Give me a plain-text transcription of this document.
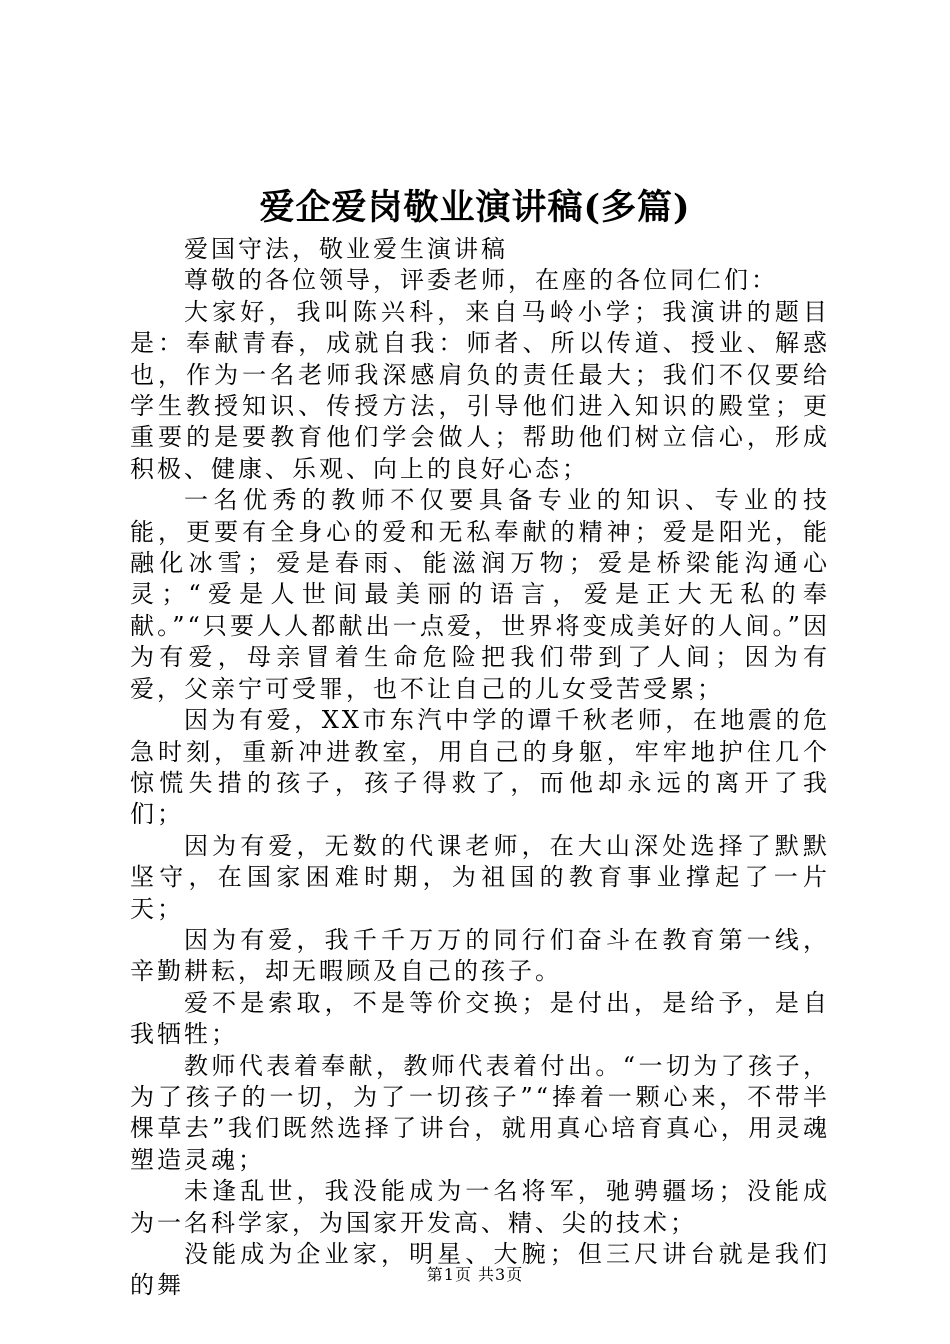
爱企爱岗敬业演讲稿(多篇)

爱国守法，敬业爱生演讲稿

尊敬的各位领导，评委老师，在座的各位同仁们：

大家好，我叫陈兴科，来自马岭小学；我演讲的题目是：奉献青春，成就自我：师者、所以传道、授业、解惑也，作为一名老师我深感肩负的责任最大；我们不仅要给学生教授知识、传授方法，引导他们进入知识的殿堂；更重要的是要教育他们学会做人；帮助他们树立信心，形成积极、健康、乐观、向上的良好心态；

一名优秀的教师不仅要具备专业的知识、专业的技能，更要有全身心的爱和无私奉献的精神；爱是阳光，能融化冰雪；爱是春雨、能滋润万物；爱是桥梁能沟通心灵；“爱是人世间最美丽的语言，爱是正大无私的奉献。”“只要人人都献出一点爱，世界将变成美好的人间。”因为有爱，母亲冒着生命危险把我们带到了人间；因为有爱，父亲宁可受罪，也不让自己的儿女受苦受累；

因为有爱，XX市东汽中学的谭千秋老师，在地震的危急时刻，重新冲进教室，用自己的身躯，牢牢地护住几个惊慌失措的孩子，孩子得救了，而他却永远的离开了我们；

因为有爱，无数的代课老师，在大山深处选择了默默坚守，在国家困难时期，为祖国的教育事业撑起了一片天；

因为有爱，我千千万万的同行们奋斗在教育第一线，辛勤耕耘，却无暇顾及自己的孩子。

爱不是索取，不是等价交换；是付出，是给予，是自我牺牲；

教师代表着奉献，教师代表着付出。“一切为了孩子，为了孩子的一切，为了一切孩子”“捧着一颗心来，不带半棵草去”我们既然选择了讲台，就用真心培育真心，用灵魂塑造灵魂；

未逢乱世，我没能成为一名将军，驰骋疆场；没能成为一名科学家，为国家开发高、精、尖的技术；

没能成为企业家，明星、大腕；但三尺讲台就是我们的舞	第1页 共3页
